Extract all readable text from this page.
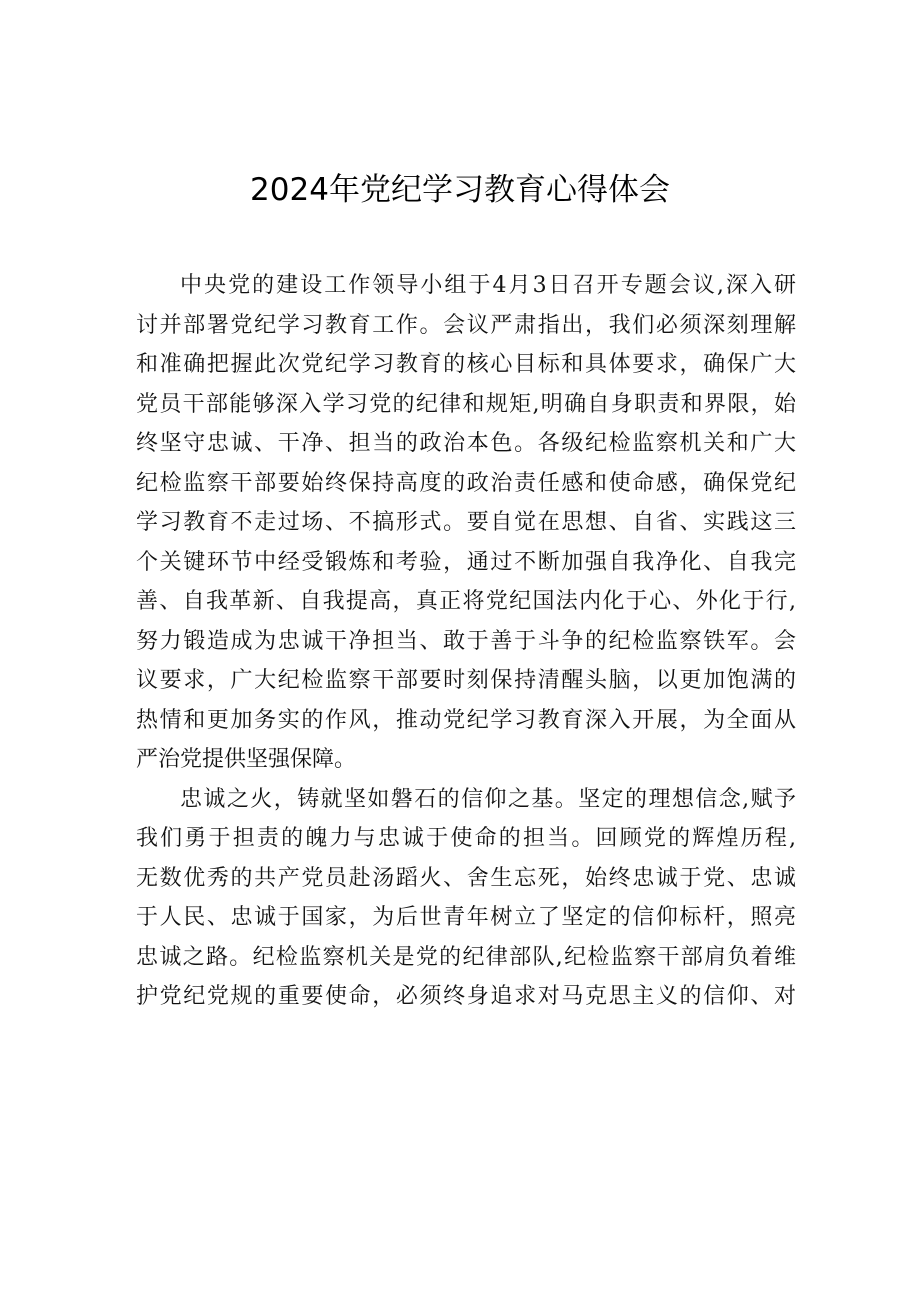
2024年党纪学习教育心得体会
中央党的建设工作领导小组于4月3日召开专题会议,深入研
讨并部署党纪学习教育工作。会议严肃指出，我们必须深刻理解
和准确把握此次党纪学习教育的核心目标和具体要求，确保广大
党员干部能够深入学习党的纪律和规矩,明确自身职责和界限，始
终坚守忠诚、干净、担当的政治本色。各级纪检监察机关和广大
纪检监察干部要始终保持高度的政治责任感和使命感，确保党纪
学习教育不走过场、不搞形式。要自觉在思想、自省、实践这三
个关键环节中经受锻炼和考验，通过不断加强自我净化、自我完
善、自我革新、自我提高，真正将党纪国法内化于心、外化于行,
努力锻造成为忠诚干净担当、敢于善于斗争的纪检监察铁军。会
议要求，广大纪检监察干部要时刻保持清醒头脑，以更加饱满的
热情和更加务实的作风，推动党纪学习教育深入开展，为全面从
严治党提供坚强保障。
忠诚之火，铸就坚如磐石的信仰之基。坚定的理想信念,赋予
我们勇于担责的魄力与忠诚于使命的担当。回顾党的辉煌历程,
无数优秀的共产党员赴汤蹈火、舍生忘死，始终忠诚于党、忠诚
于人民、忠诚于国家，为后世青年树立了坚定的信仰标杆，照亮
忠诚之路。纪检监察机关是党的纪律部队,纪检监察干部肩负着维
护党纪党规的重要使命，必须终身追求对马克思主义的信仰、对
